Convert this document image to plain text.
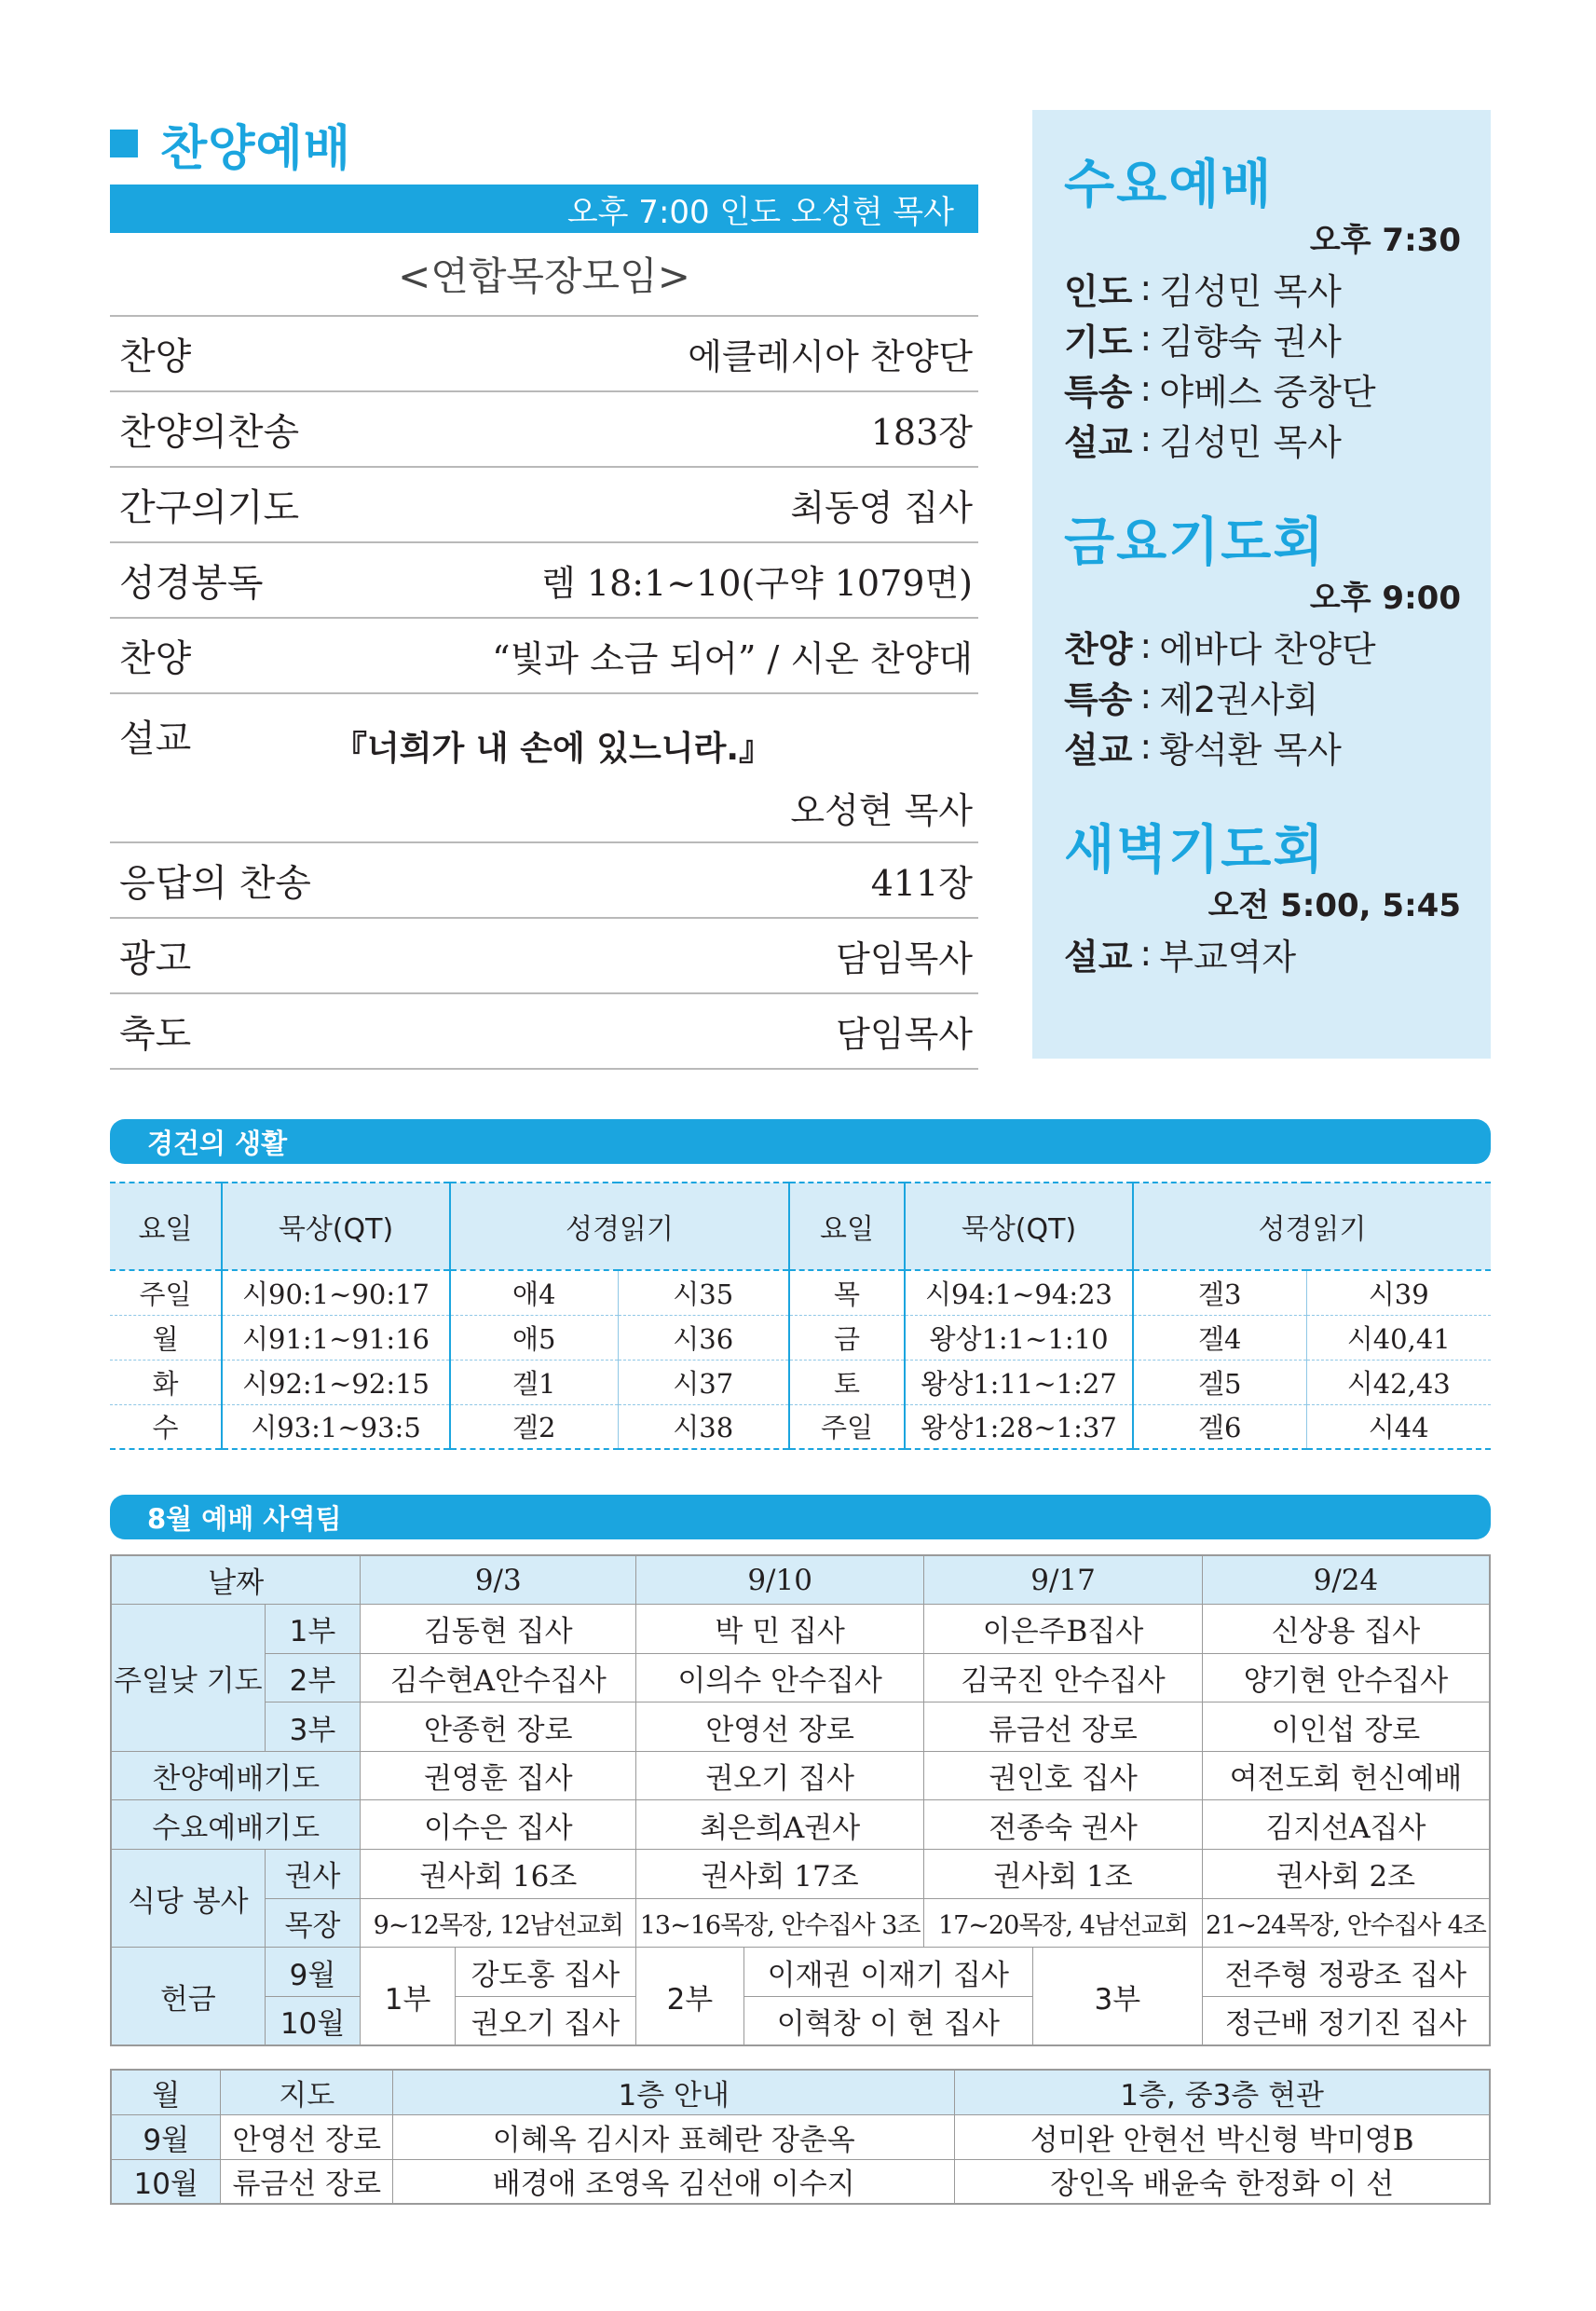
찬양예배
오후 7:00 인도 오성현 목사
<연합목장모임>
찬양	에클레시아 찬양단
찬양의찬송	183장
간구의기도	최동영 집사
성경봉독	렘 18:1~10(구약 1079면)
찬양	“빛과 소금 되어” / 시온 찬양대
설교	『너희가 내 손에 있느니라.』
오성현 목사
응답의 찬송	411장
광고	담임목사
축도	담임목사
수요예배
오후 7:30
인도 : 김성민 목사
기도 : 김향숙 권사
특송 : 야베스 중창단
설교 : 김성민 목사
금요기도회
오후 9:00
찬양 : 에바다 찬양단
특송 : 제2권사회
설교 : 황석환 목사
새벽기도회
오전 5:00, 5:45
설교 : 부교역자
경건의 생활
요일	묵상(QT)	성경읽기		요일	묵상(QT)	성경읽기	
주일	시90:1~90:17	애4	시35	목	시94:1~94:23	겔3	시39
월	시91:1~91:16	애5	시36	금	왕상1:1~1:10	겔4	시40,41
화	시92:1~92:15	겔1	시37	토	왕상1:11~1:27	겔5	시42,43
수	시93:1~93:5	겔2	시38	주일	왕상1:28~1:37	겔6	시44
8월 예배 사역팀
날짜		9/3		9/10		9/17		9/24
주일낮 기도	1부	김동현 집사		박 민 집사		이은주B집사		신상용 집사
	2부	김수현A안수집사		이의수 안수집사		김국진 안수집사		양기현 안수집사
	3부	안종헌 장로		안영선 장로		류금선 장로		이인섭 장로
찬양예배기도		권영훈 집사		권오기 집사		권인호 집사		여전도회 헌신예배
수요예배기도		이수은 집사		최은희A권사		전종숙 권사		김지선A집사
식당 봉사	권사	권사회 16조		권사회 17조		권사회 1조		권사회 2조
	목장	9~12목장, 12남선교회		13~16목장, 안수집사 3조		17~20목장, 4남선교회		21~24목장, 안수집사 4조
헌금	9월	1부	강도홍 집사	2부	이재권 이재기 집사		3부	전주형 정광조 집사
	10월		권오기 집사		이혁창 이 현 집사			정근배 정기진 집사
월	지도	1층 안내	1층, 중3층 현관
9월	안영선 장로	이혜옥 김시자 표혜란 장춘옥	성미완 안현선 박신형 박미영B
10월	류금선 장로	배경애 조영옥 김선애 이수지	장인옥 배윤숙 한정화 이 선
